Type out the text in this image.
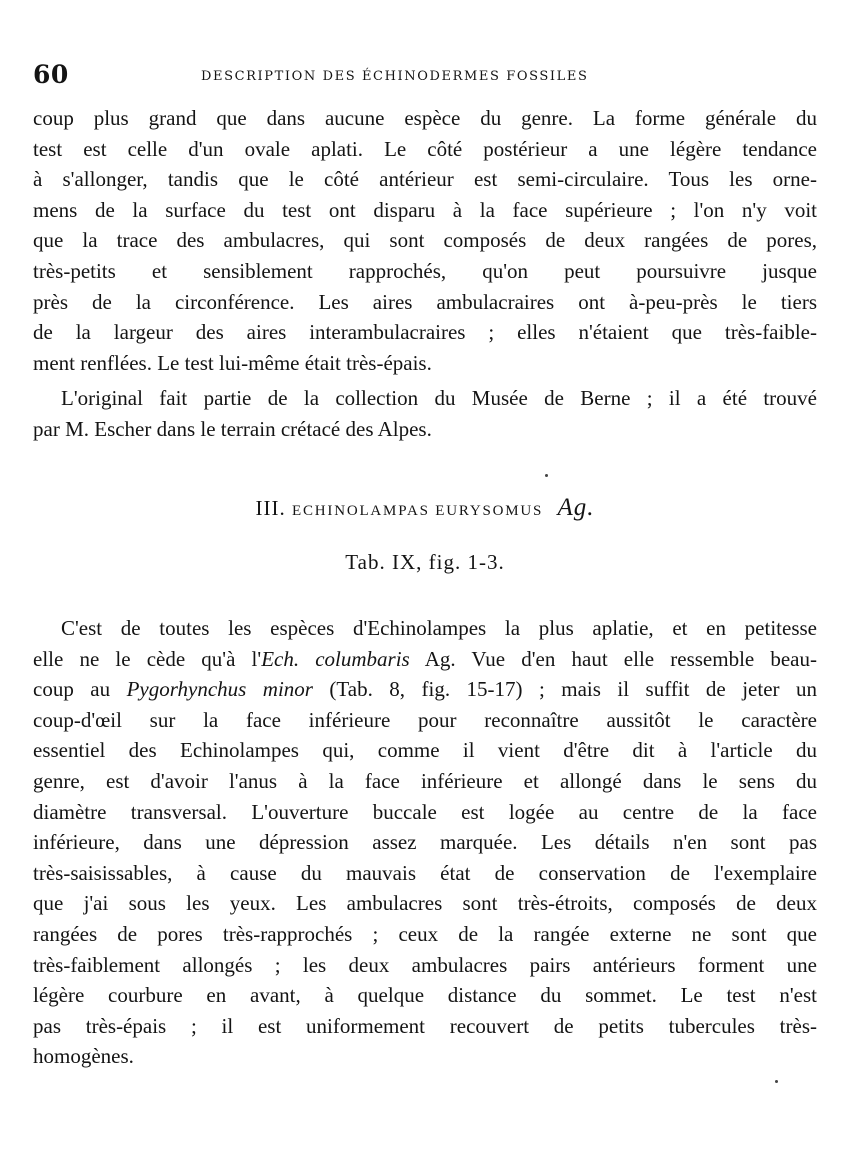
60	DESCRIPTION DES ÉCHINODERMES FOSSILES
coup plus grand que dans aucune espèce du genre. La forme générale du
test est celle d'un ovale aplati. Le côté postérieur a une légère tendance
à s'allonger, tandis que le côté antérieur est semi-circulaire. Tous les orne-
mens de la surface du test ont disparu à la face supérieure ; l'on n'y voit
que la trace des ambulacres, qui sont composés de deux rangées de pores,
très-petits et sensiblement rapprochés, qu'on peut poursuivre jusque
près de la circonférence. Les aires ambulacraires ont à-peu-près le tiers
de la largeur des aires interambulacraires ; elles n'étaient que très-faible-
ment renflées. Le test lui-même était très-épais.
L'original fait partie de la collection du Musée de Berne ; il a été trouvé
par M. Escher dans le terrain crétacé des Alpes.
III. ECHINOLAMPAS EURYSOMUS Ag.
Tab. IX, fig. 1-3.
C'est de toutes les espèces d'Echinolampes la plus aplatie, et en petitesse
elle ne le cède qu'à l'Ech. columbaris Ag. Vue d'en haut elle ressemble beau-
coup au Pygorhynchus minor (Tab. 8, fig. 15-17) ; mais il suffit de jeter un
coup-d'œil sur la face inférieure pour reconnaître aussitôt le caractère
essentiel des Echinolampes qui, comme il vient d'être dit à l'article du
genre, est d'avoir l'anus à la face inférieure et allongé dans le sens du
diamètre transversal. L'ouverture buccale est logée au centre de la face
inférieure, dans une dépression assez marquée. Les détails n'en sont pas
très-saisissables, à cause du mauvais état de conservation de l'exemplaire
que j'ai sous les yeux. Les ambulacres sont très-étroits, composés de deux
rangées de pores très-rapprochés ; ceux de la rangée externe ne sont que
très-faiblement allongés ; les deux ambulacres pairs antérieurs forment une
légère courbure en avant, à quelque distance du sommet. Le test n'est
pas très-épais ; il est uniformement recouvert de petits tubercules très-
homogènes.
